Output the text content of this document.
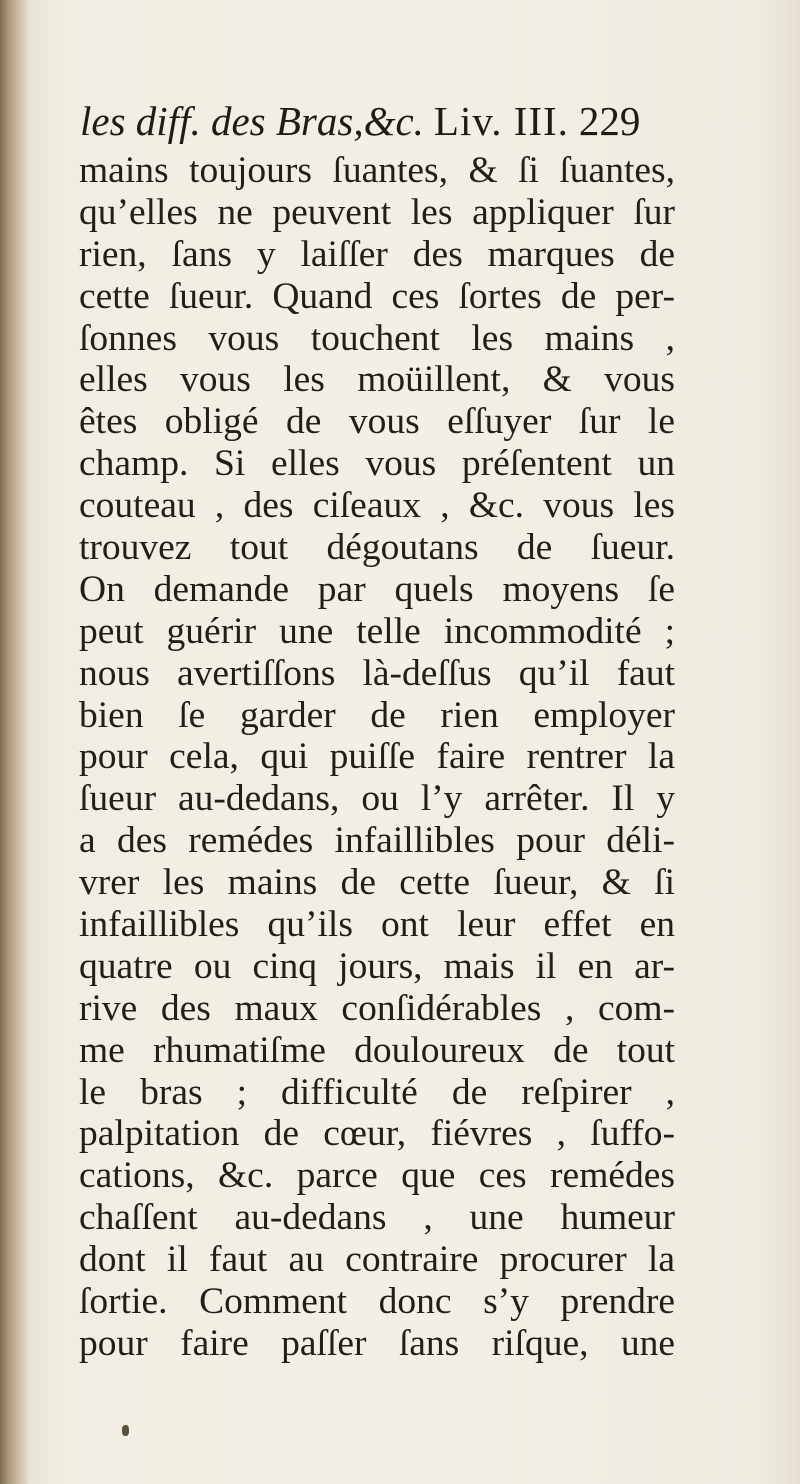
les diff. des Bras,&c. Liv. III. 229
mains toujours ſuantes, & ſi ſuantes,
qu’elles ne peuvent les appliquer ſur
rien, ſans y laiſſer des marques de
cette ſueur. Quand ces ſortes de per-
ſonnes vous touchent les mains ,
elles vous les moüillent, & vous
êtes obligé de vous eſſuyer ſur le
champ. Si elles vous préſentent un
couteau , des ciſeaux , &c. vous les
trouvez tout dégoutans de ſueur.
On demande par quels moyens ſe
peut guérir une telle incommodité ;
nous avertiſſons là-deſſus qu’il faut
bien ſe garder de rien employer
pour cela, qui puiſſe faire rentrer la
ſueur au-dedans, ou l’y arrêter. Il y
a des remédes infaillibles pour déli-
vrer les mains de cette ſueur, & ſi
infaillibles qu’ils ont leur effet en
quatre ou cinq jours, mais il en ar-
rive des maux conſidérables , com-
me rhumatiſme douloureux de tout
le bras ; difficulté de reſpirer ,
palpitation de cœur, fiévres , ſuffo-
cations, &c. parce que ces remédes
chaſſent au-dedans , une humeur
dont il faut au contraire procurer la
ſortie. Comment donc s’y prendre
pour faire paſſer ſans riſque, une
